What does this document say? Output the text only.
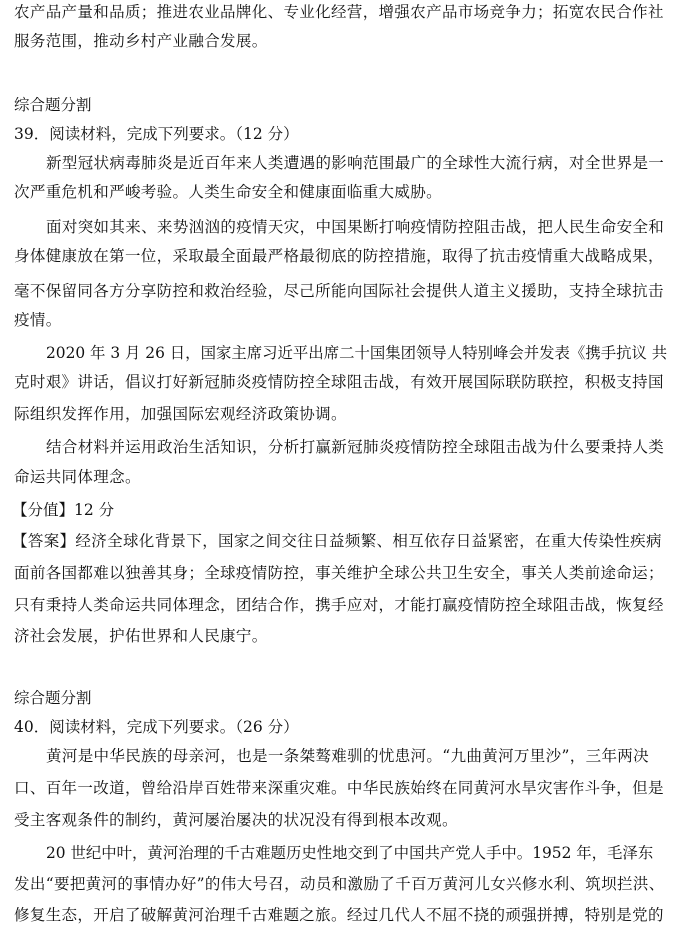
农产品产量和品质；推进农业品牌化、专业化经营，增强农产品市场竞争力；拓宽农民合作社
服务范围，推动乡村产业融合发展。
综合题分割
39．阅读材料，完成下列要求。（12 分）
新型冠状病毒肺炎是近百年来人类遭遇的影响范围最广的全球性大流行病，对全世界是一
次严重危机和严峻考验。人类生命安全和健康面临重大威胁。
面对突如其来、来势汹汹的疫情天灾，中国果断打响疫情防控阻击战，把人民生命安全和
身体健康放在第一位，采取最全面最严格最彻底的防控措施，取得了抗击疫情重大战略成果，
毫不保留同各方分享防控和救治经验，尽己所能向国际社会提供人道主义援助，支持全球抗击
疫情。
2020 年 3 月 26 日，国家主席习近平出席二十国集团领导人特别峰会并发表《携手抗议 共
克时艰》讲话，倡议打好新冠肺炎疫情防控全球阻击战，有效开展国际联防联控，积极支持国
际组织发挥作用，加强国际宏观经济政策协调。
结合材料并运用政治生活知识，分析打赢新冠肺炎疫情防控全球阻击战为什么要秉持人类
命运共同体理念。
【分值】12 分
【答案】经济全球化背景下，国家之间交往日益频繁、相互依存日益紧密，在重大传染性疾病
面前各国都难以独善其身；全球疫情防控，事关维护全球公共卫生安全，事关人类前途命运；
只有秉持人类命运共同体理念，团结合作，携手应对，才能打赢疫情防控全球阻击战，恢复经
济社会发展，护佑世界和人民康宁。
综合题分割
40．阅读材料，完成下列要求。（26 分）
黄河是中华民族的母亲河，也是一条桀骜难驯的忧患河。“九曲黄河万里沙”，三年两决
口、百年一改道，曾给沿岸百姓带来深重灾难。中华民族始终在同黄河水旱灾害作斗争，但是
受主客观条件的制约，黄河屡治屡决的状况没有得到根本改观。
20 世纪中叶，黄河治理的千古难题历史性地交到了中国共产党人手中。1952 年，毛泽东
发出“要把黄河的事情办好”的伟大号召，动员和激励了千百万黄河儿女兴修水利、筑坝拦洪、
修复生态，开启了破解黄河治理千古难题之旅。经过几代人不屈不挠的顽强拼搏，特别是党的
